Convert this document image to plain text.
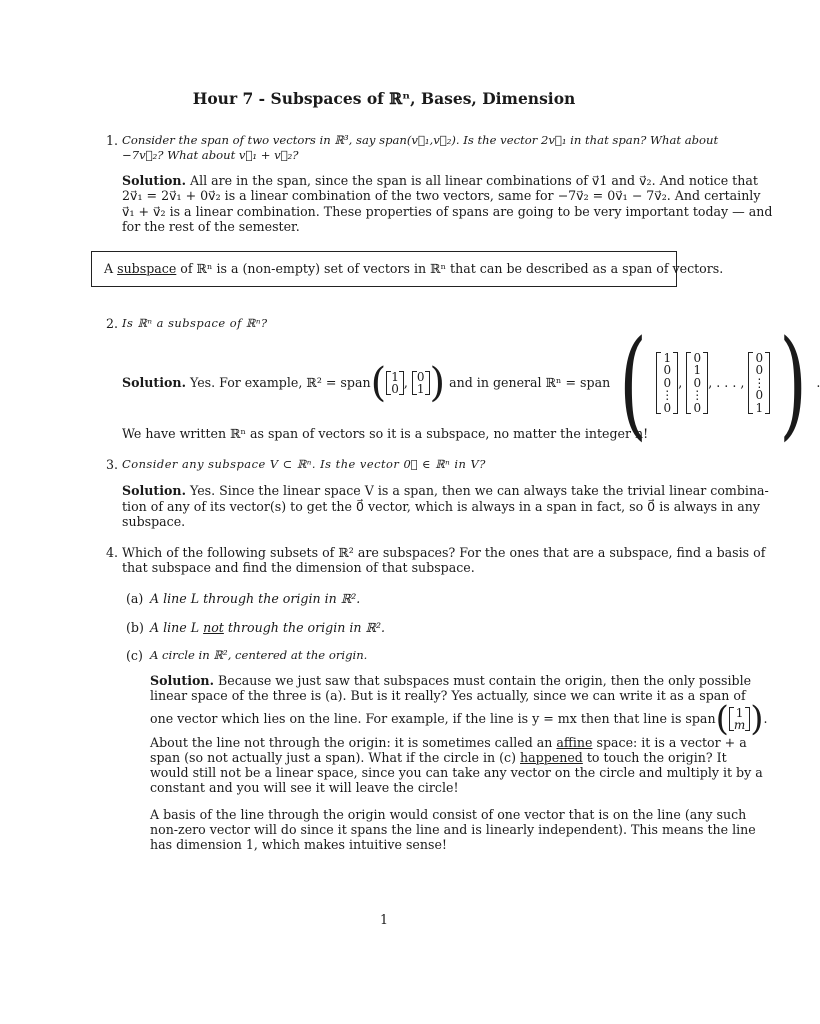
Hour 7 - Subspaces of ℝⁿ, Bases, Dimension
1. Consider the span of two vectors in ℝ³, say span(v⃗₁,v⃗₂). Is the vector 2v⃗₁ in that span? What about
−7v⃗₂? What about v⃗₁ + v⃗₂?
Solution. All are in the span, since the span is all linear combinations of v⃗1 and v⃗₂. And notice that
2v⃗₁ = 2v⃗₁ + 0v⃗₂ is a linear combination of the two vectors, same for −7v⃗₂ = 0v⃗₁ − 7v⃗₂. And certainly
v⃗₁ + v⃗₂ is a linear combination. These properties of spans are going to be very important today — and
for the rest of the semester.
A subspace of ℝⁿ is a (non-empty) set of vectors in ℝⁿ that can be described as a span of vectors.
2. Is ℝⁿ a subspace of ℝⁿ?
Solution.
Yes. For example, ℝ² = span ( 1
0 ,
0
1 )
and in general ℝⁿ = span ( 1
0
0
⋮
0
,

0
1
0
⋮
0
, . . . ,

0
0
⋮
0
1 )
We have written ℝⁿ as span of vectors so it is a subspace, no matter the integer n!
3. Consider any subspace V ⊂ ℝⁿ. Is the vector 0⃗ ∈ ℝⁿ in V?
Solution. Yes. Since the linear space V is a span, then we can always take the trivial linear combina-
tion of any of its vector(s) to get the 0⃗ vector, which is always in a span in fact, so 0⃗ is always in any
subspace.
4. Which of the following subsets of ℝ² are subspaces? For the ones that are a subspace, find a basis of
that subspace and find the dimension of that subspace.
(a) A line L through the origin in ℝ².
(b) A line L not through the origin in ℝ².
(c) A circle in ℝ², centered at the origin.
Solution. Because we just saw that subspaces must contain the origin, then the only possible
linear space of the three is (a). But is it really? Yes actually, since we can write it as a span of
one vector which lies on the line. For example, if the line is y = mx then that line is span ( 1
m ) .
About the line not through the origin: it is sometimes called an affine space: it is a vector + a
span (so not actually just a span). What if the circle in (c) happened to touch the origin? It
would still not be a linear space, since you can take any vector on the circle and multiply it by a
constant and you will see it will leave the circle!
A basis of the line through the origin would consist of one vector that is on the line (any such
non-zero vector will do since it spans the line and is linearly independent). This means the line
has dimension 1, which makes intuitive sense!
1
